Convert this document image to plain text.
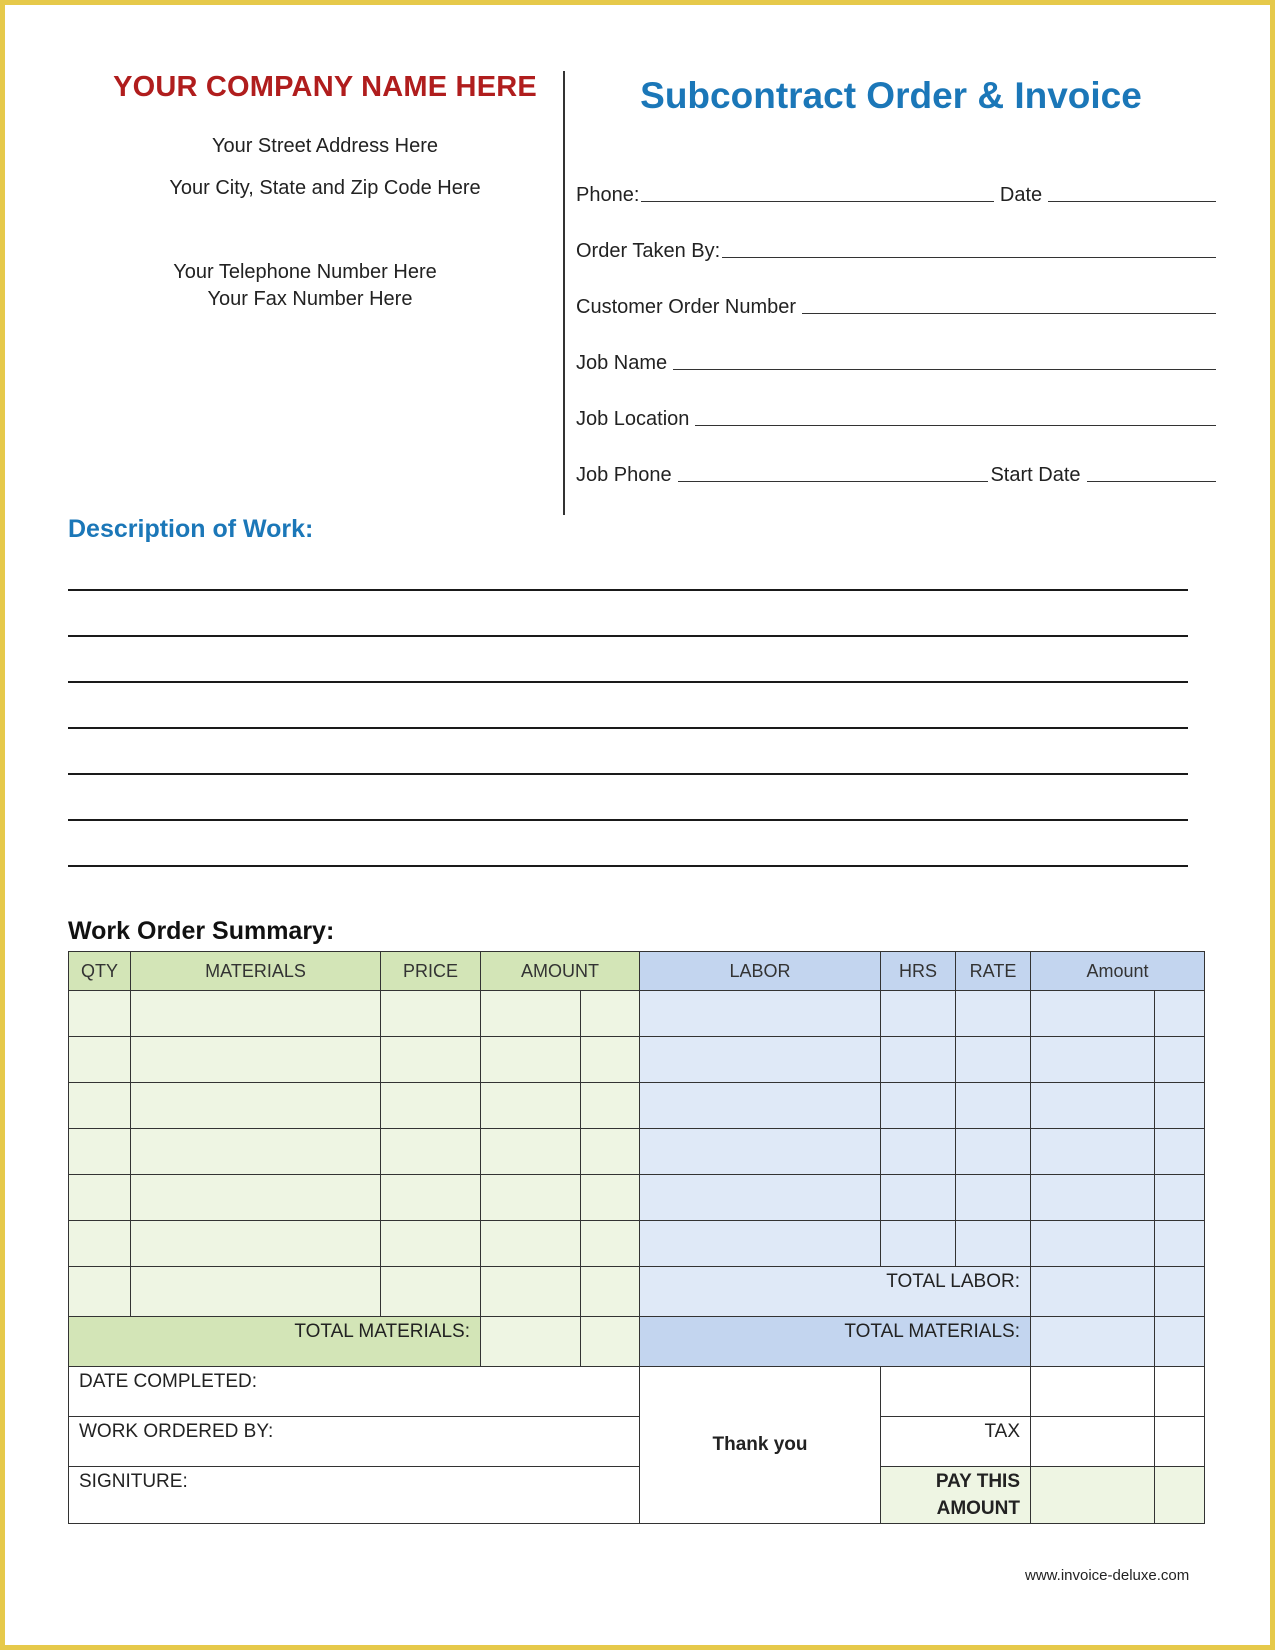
YOUR COMPANY NAME HERE
Your Street Address Here
Your City, State and Zip Code Here
Your Telephone Number Here
Your Fax Number Here
Subcontract Order & Invoice
Phone:	Date
Order Taken By:
Customer Order Number
Job Name
Job Location
Job Phone	Start Date
Description of Work:
Work Order Summary:
QTY	MATERIALS	PRICE	AMOUNT		LABOR	HRS	RATE	Amount	

					TOTAL LABOR:				
TOTAL MATERIALS:					TOTAL MATERIALS:				
DATE COMPLETED:					Thank you				
WORK ORDERED BY:						TAX			
SIGNITURE:						PAY THIS
AMOUNT			

www.invoice-deluxe.com
